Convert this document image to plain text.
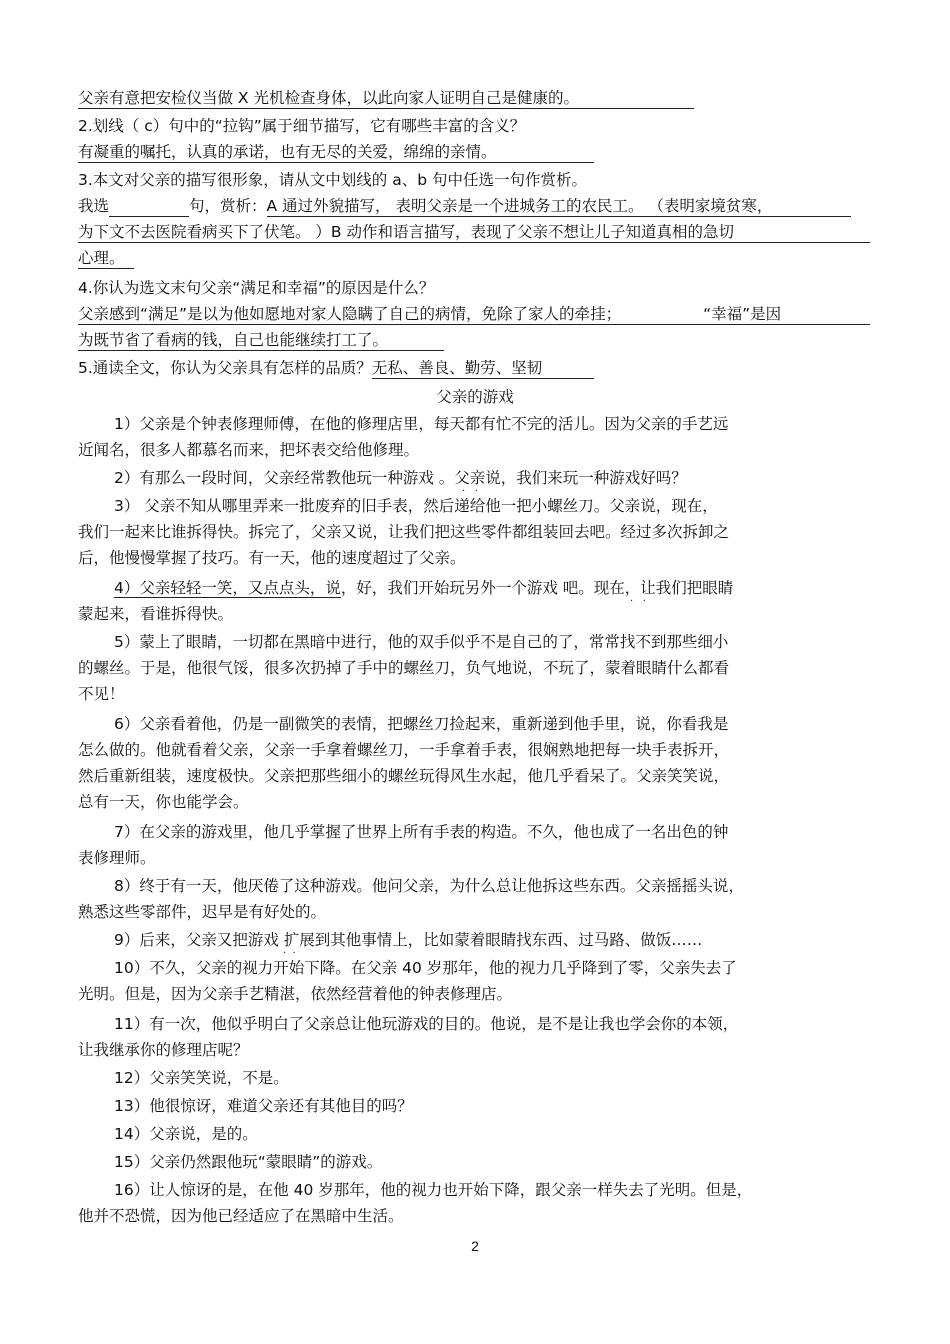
父亲有意把安检仪当做 X 光机检查身体，以此向家人证明自己是健康的。
2.划线（ c）句中的“拉钩”属于细节描写，它有哪些丰富的含义？
有凝重的嘱托，认真的承诺，也有无尽的关爱，绵绵的亲情。
3.本文对父亲的描写很形象，请从文中划线的 a、b 句中任选一句作赏析。
我选	句，赏析：A 通过外貌描写， 表明父亲是一个进城务工的农民工。 （表明家境贫寒，
为下文不去医院看病买下了伏笔。 ）B 动作和语言描写，表现了父亲不想让儿子知道真相的急切
心理。
4.你认为选文末句父亲“满足和幸福”的原因是什么？
父亲感到“满足”是以为他如愿地对家人隐瞒了自己的病情，免除了家人的牵挂；	“幸福”是因
为既节省了看病的钱，自己也能继续打工了。
5.通读全文，你认为父亲具有怎样的品质？无私、善良、勤劳、坚韧
父亲的游戏
1）父亲是个钟表修理师傅，在他的修理店里，每天都有忙不完的活儿。因为父亲的手艺远
近闻名，很多人都慕名而来，把坏表交给他修理。
2）有那么一段时间，父亲经常教他玩一种游戏 。父亲说，我们来玩一种游戏好吗？
·   ·
3） 父亲不知从哪里弄来一批废弃的旧手表，然后递给他一把小螺丝刀。父亲说，现在，
我们一起来比谁拆得快。拆完了，父亲又说，让我们把这些零件都组装回去吧。经过多次拆卸之
后，他慢慢掌握了技巧。有一天，他的速度超过了父亲。
4）父亲轻轻一笑，又点点头，说，好，我们开始玩另外一个游戏 吧。现在，让我们把眼睛
·   ·
蒙起来，看谁拆得快。
5）蒙上了眼睛，一切都在黑暗中进行，他的双手似乎不是自己的了，常常找不到那些细小
的螺丝。于是，他很气馁，很多次扔掉了手中的螺丝刀，负气地说，不玩了，蒙着眼睛什么都看
不见！
6）父亲看着他，仍是一副微笑的表情，把螺丝刀捡起来，重新递到他手里，说，你看我是
怎么做的。他就看着父亲，父亲一手拿着螺丝刀，一手拿着手表，很娴熟地把每一块手表拆开，
然后重新组装，速度极快。父亲把那些细小的螺丝玩得风生水起，他几乎看呆了。父亲笑笑说，
总有一天，你也能学会。
7）在父亲的游戏里，他几乎掌握了世界上所有手表的构造。不久，他也成了一名出色的钟
表修理师。
8）终于有一天，他厌倦了这种游戏。他问父亲，为什么总让他拆这些东西。父亲摇摇头说，
熟悉这些零部件，迟早是有好处的。
9）后来，父亲又把游戏 扩展到其他事情上，比如蒙着眼睛找东西、过马路、做饭……
·  ·
10）不久，父亲的视力开始下降。在父亲 40 岁那年，他的视力几乎降到了零，父亲失去了
光明。但是，因为父亲手艺精湛，依然经营着他的钟表修理店。
11）有一次，他似乎明白了父亲总让他玩游戏的目的。他说，是不是让我也学会你的本领，
让我继承你的修理店呢？
12）父亲笑笑说，不是。
13）他很惊讶，难道父亲还有其他目的吗？
14）父亲说，是的。
15）父亲仍然跟他玩“蒙眼睛”的游戏。
16）让人惊讶的是，在他 40 岁那年，他的视力也开始下降，跟父亲一样失去了光明。但是，
他并不恐慌，因为他已经适应了在黑暗中生活。
2
